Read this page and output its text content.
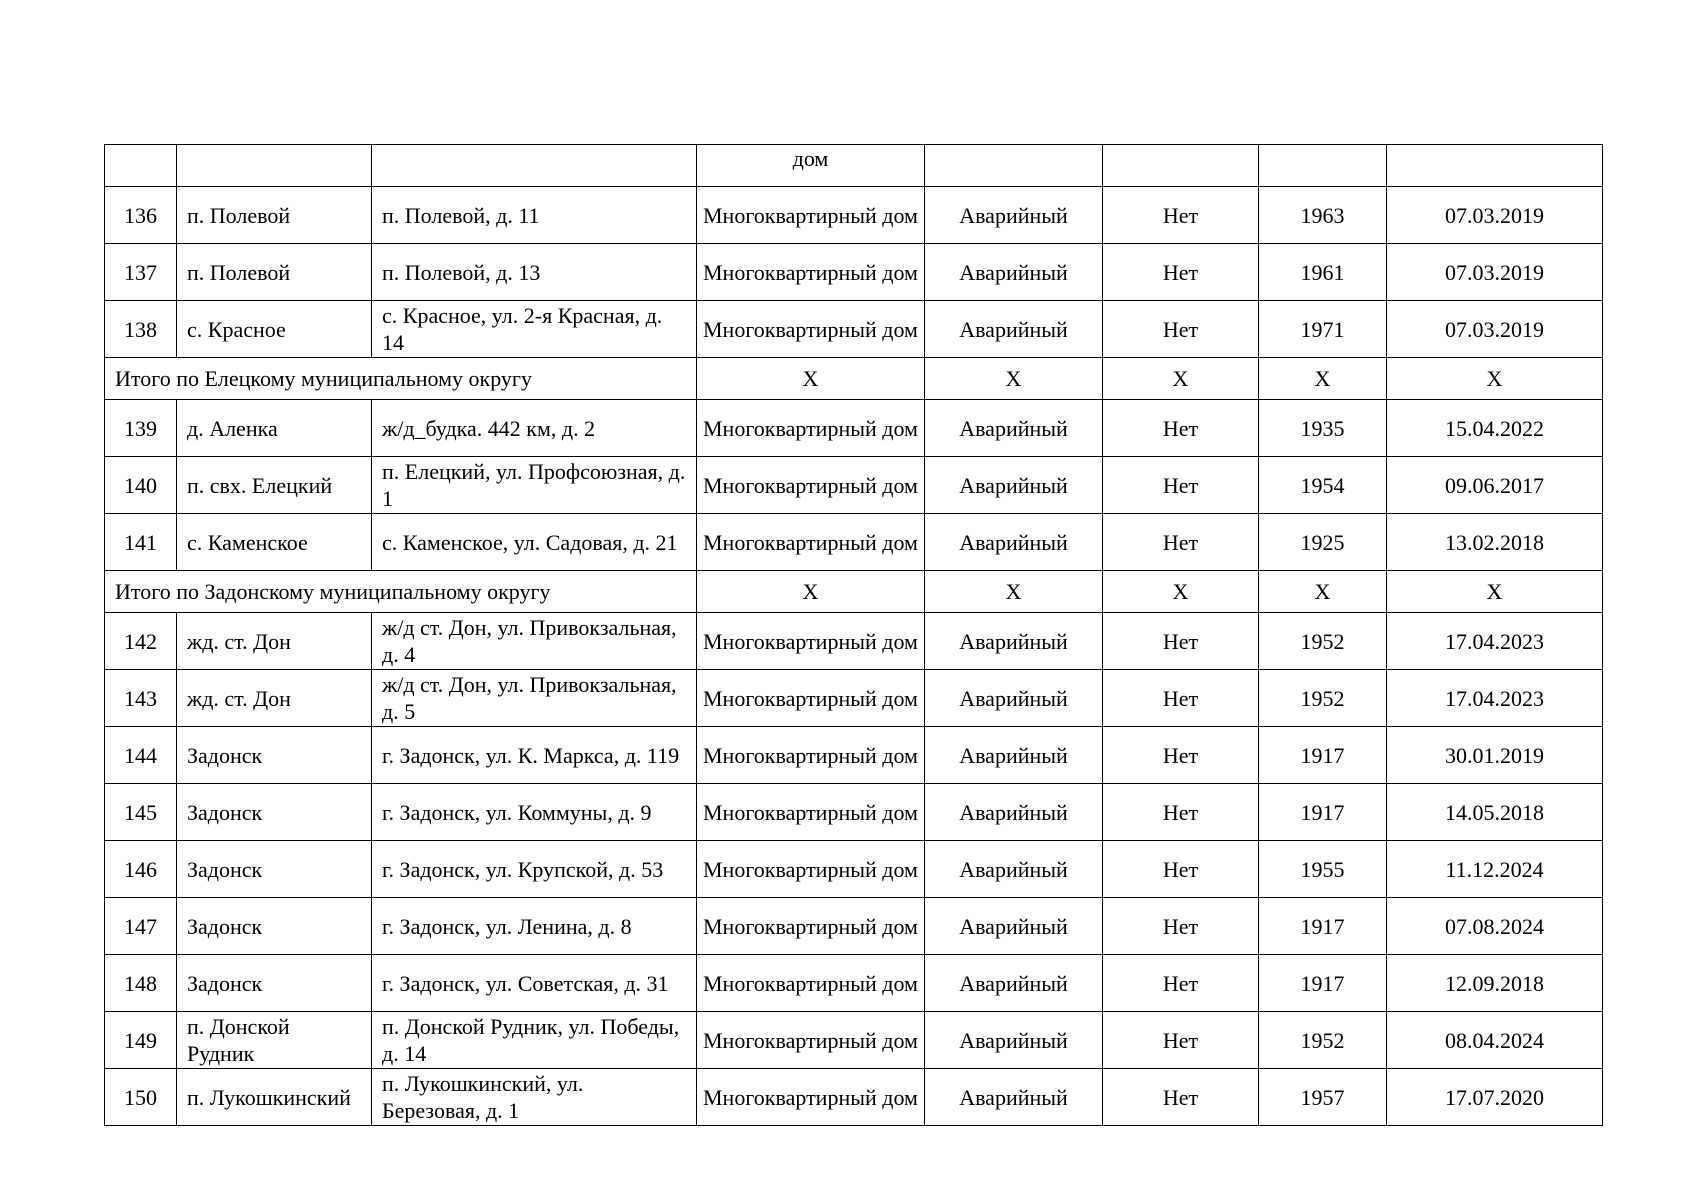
			дом				
136	п. Полевой	п. Полевой, д. 11	Многоквартирный дом	Аварийный	Нет	1963	07.03.2019
137	п. Полевой	п. Полевой, д. 13	Многоквартирный дом	Аварийный	Нет	1961	07.03.2019
138	с. Красное	с. Красное, ул. 2-я Красная, д. 14	Многоквартирный дом	Аварийный	Нет	1971	07.03.2019
Итого по Елецкому муниципальному округу			Х	Х	Х	Х	Х
139	д. Аленка	ж/д_будка. 442 км, д. 2	Многоквартирный дом	Аварийный	Нет	1935	15.04.2022
140	п. свх. Елецкий	п. Елецкий, ул. Профсоюзная, д. 1	Многоквартирный дом	Аварийный	Нет	1954	09.06.2017
141	с. Каменское	с. Каменское, ул. Садовая, д. 21	Многоквартирный дом	Аварийный	Нет	1925	13.02.2018
Итого по Задонскому муниципальному округу			Х	Х	Х	Х	Х
142	жд. ст. Дон	ж/д ст. Дон, ул. Привокзальная, д. 4	Многоквартирный дом	Аварийный	Нет	1952	17.04.2023
143	жд. ст. Дон	ж/д ст. Дон, ул. Привокзальная, д. 5	Многоквартирный дом	Аварийный	Нет	1952	17.04.2023
144	Задонск	г. Задонск, ул. К. Маркса, д. 119	Многоквартирный дом	Аварийный	Нет	1917	30.01.2019
145	Задонск	г. Задонск, ул. Коммуны, д. 9	Многоквартирный дом	Аварийный	Нет	1917	14.05.2018
146	Задонск	г. Задонск, ул. Крупской, д. 53	Многоквартирный дом	Аварийный	Нет	1955	11.12.2024
147	Задонск	г. Задонск, ул. Ленина, д. 8	Многоквартирный дом	Аварийный	Нет	1917	07.08.2024
148	Задонск	г. Задонск, ул. Советская, д. 31	Многоквартирный дом	Аварийный	Нет	1917	12.09.2018
149	п. Донской Рудник	п. Донской Рудник, ул. Победы, д. 14	Многоквартирный дом	Аварийный	Нет	1952	08.04.2024
150	п. Лукошкинский	п. Лукошкинский, ул. Березовая, д. 1	Многоквартирный дом	Аварийный	Нет	1957	17.07.2020
